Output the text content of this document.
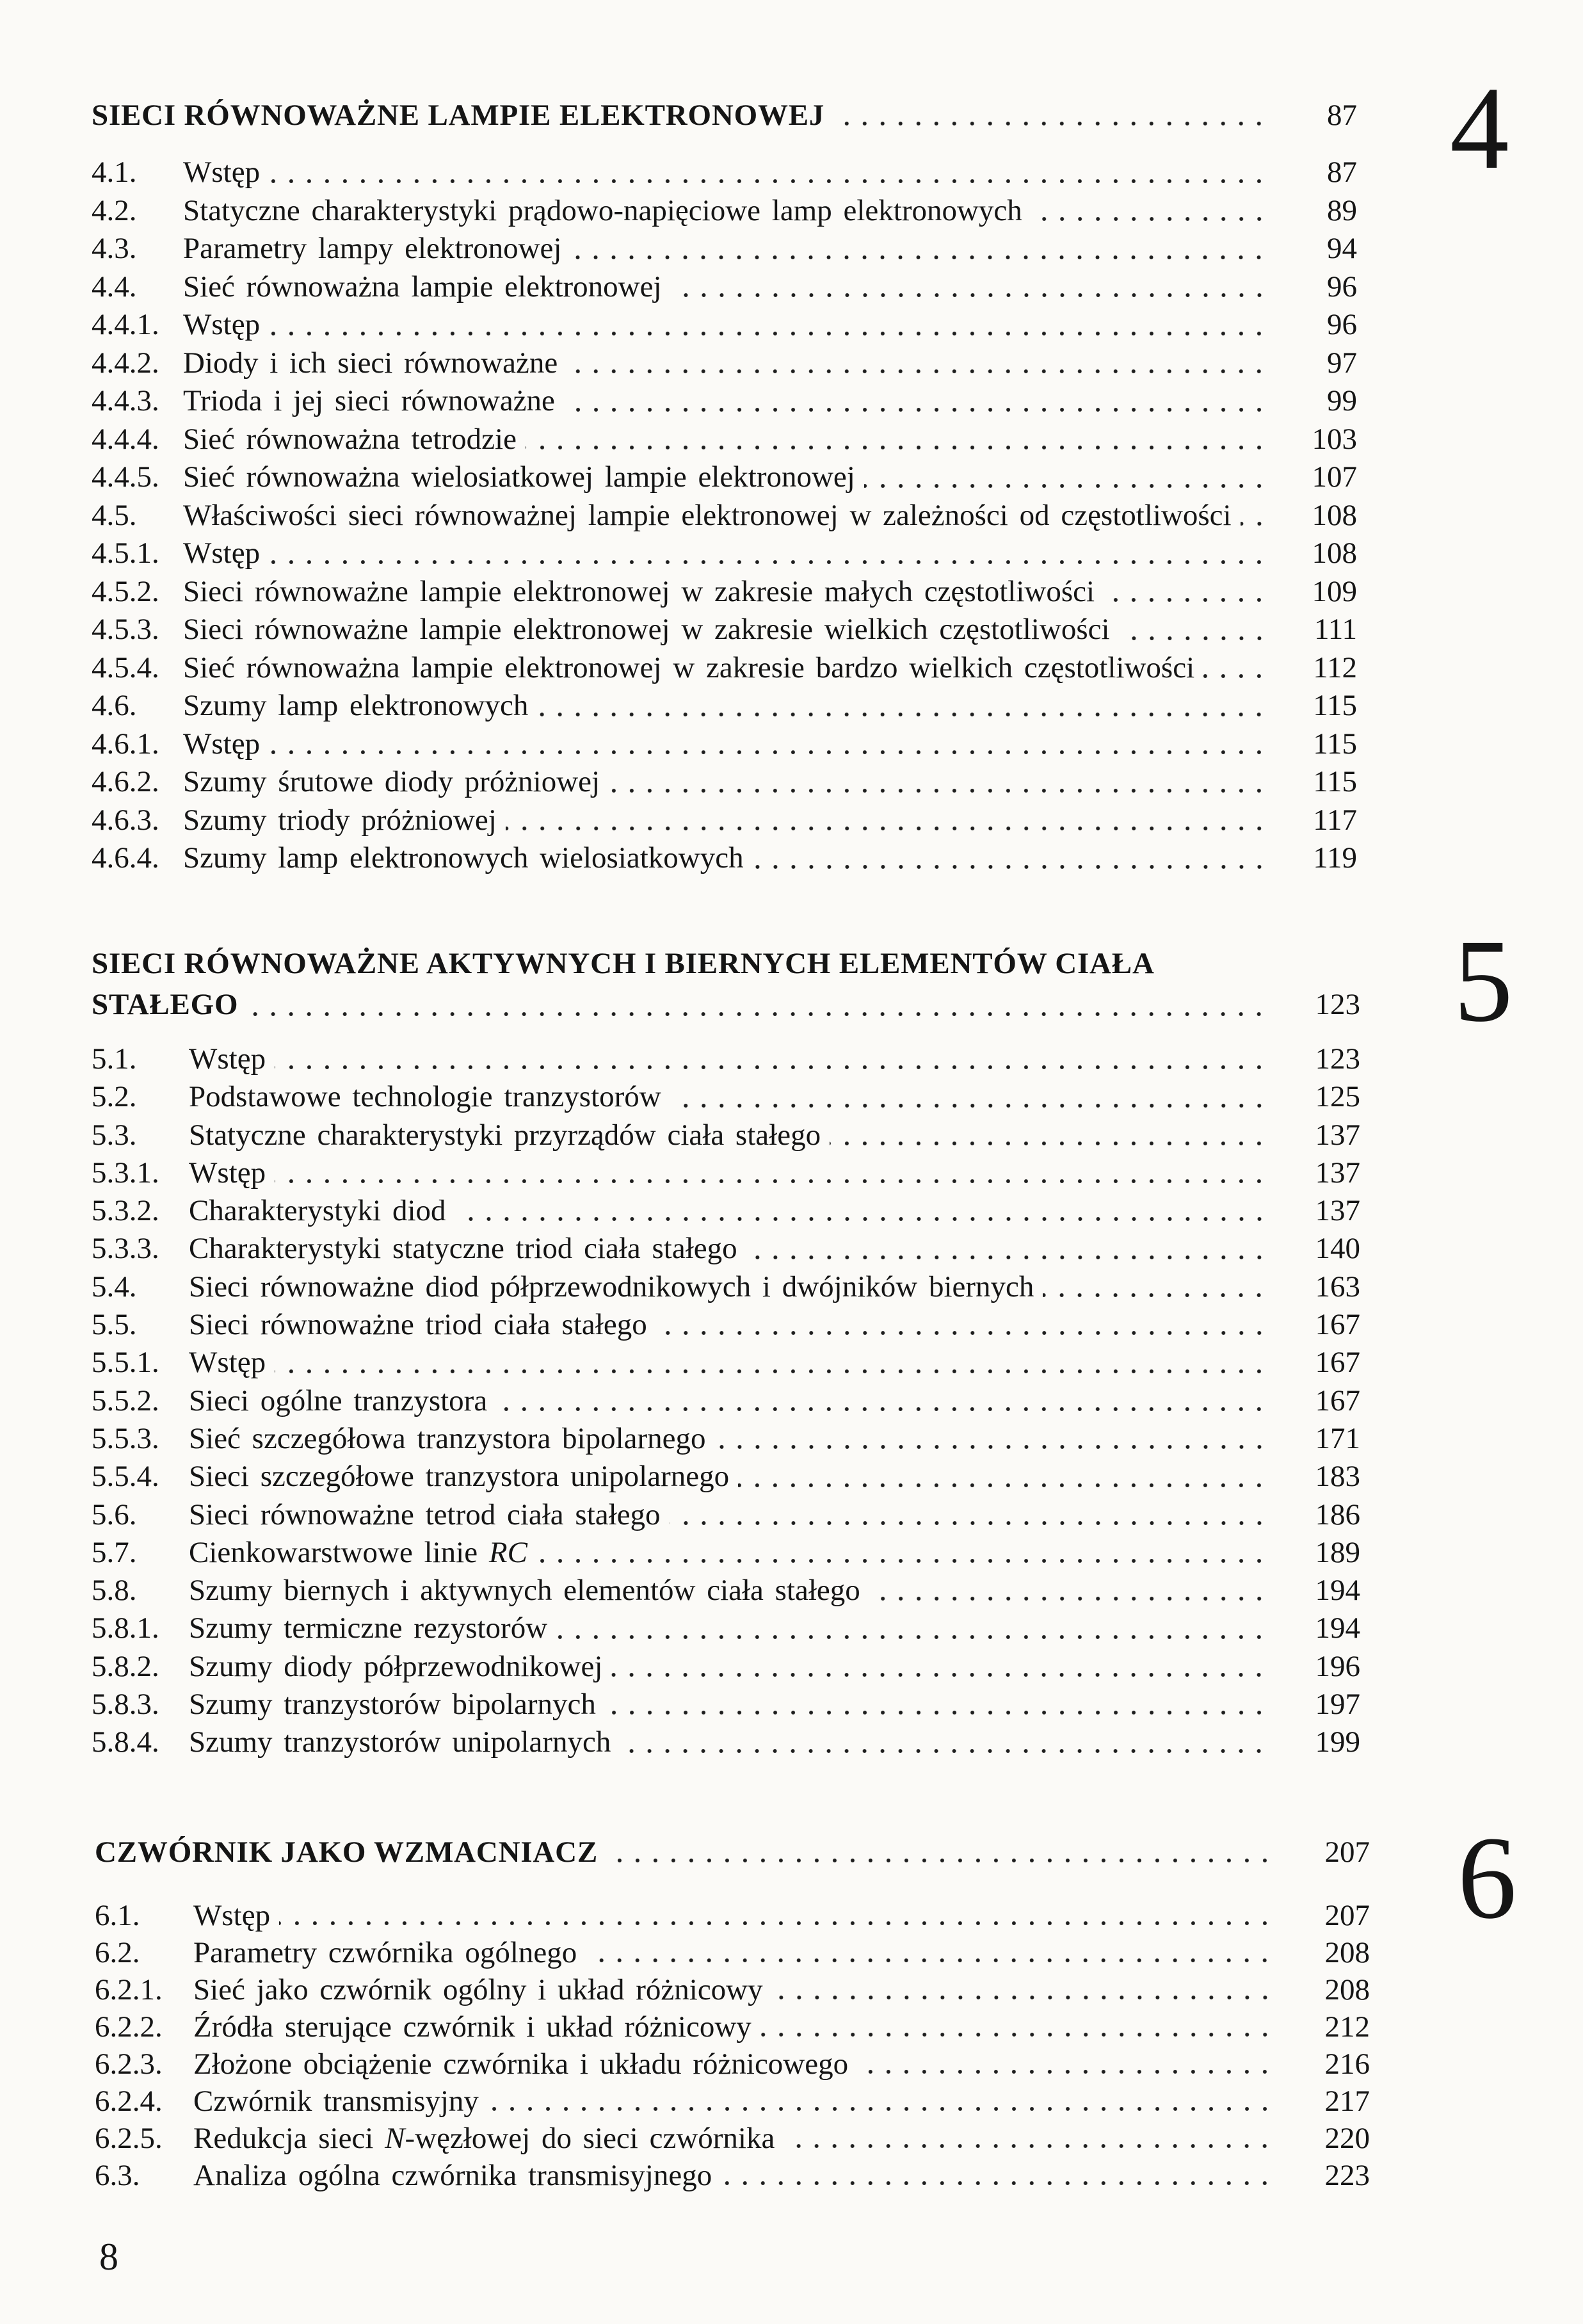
SIECI RÓWNOWAŻNE LAMPIE ELEKTRONOWEJ	87
4.1.	Wstęp	87
4.2.	Statyczne charakterystyki prądowo-napięciowe lamp elektronowych	89
4.3.	Parametry lampy elektronowej	94
4.4.	Sieć równoważna lampie elektronowej	96
4.4.1. Wstęp	96
4.4.2. Diody i ich sieci równoważne	97
4.4.3. Trioda i jej sieci równoważne	99
4.4.4. Sieć równoważna tetrodzie	103
4.4.5. Sieć równoważna wielosiatkowej lampie elektronowej	107
4.5.	Właściwości sieci równoważnej lampie elektronowej w zależności od częstotliwości	108
4.5.1. Wstęp	108
4.5.2. Sieci równoważne lampie elektronowej w zakresie małych częstotliwości	109
4.5.3. Sieci równoważne lampie elektronowej w zakresie wielkich częstotliwości	111
4.5.4. Sieć równoważna lampie elektronowej w zakresie bardzo wielkich częstotliwości	112
4.6.	Szumy lamp elektronowych	115
4.6.1. Wstęp	115
4.6.2. Szumy śrutowe diody próżniowej	115
4.6.3. Szumy triody próżniowej	117
4.6.4. Szumy lamp elektronowych wielosiatkowych	119
4
SIECI RÓWNOWAŻNE AKTYWNYCH I BIERNYCH ELEMENTÓW CIAŁA
STAŁEGO	123
5.1.	Wstęp	123
5.2.	Podstawowe technologie tranzystorów	125
5.3.	Statyczne charakterystyki przyrządów ciała stałego	137
5.3.1. Wstęp	137
5.3.2. Charakterystyki diod	137
5.3.3. Charakterystyki statyczne triod ciała stałego	140
5.4.	Sieci równoważne diod półprzewodnikowych i dwójników biernych	163
5.5.	Sieci równoważne triod ciała stałego	167
5.5.1. Wstęp	167
5.5.2. Sieci ogólne tranzystora	167
5.5.3. Sieć szczegółowa tranzystora bipolarnego	171
5.5.4. Sieci szczegółowe tranzystora unipolarnego	183
5.6.	Sieci równoważne tetrod ciała stałego	186
5.7.	Cienkowarstwowe linie RC	189
5.8.	Szumy biernych i aktywnych elementów ciała stałego	194
5.8.1. Szumy termiczne rezystorów	194
5.8.2. Szumy diody półprzewodnikowej	196
5.8.3. Szumy tranzystorów bipolarnych	197
5.8.4. Szumy tranzystorów unipolarnych	199
5
CZWÓRNIK JAKO WZMACNIACZ	207
6.1.	Wstęp	207
6.2.	Parametry czwórnika ogólnego	208
6.2.1.	Sieć jako czwórnik ogólny i układ różnicowy	208
6.2.2.	Źródła sterujące czwórnik i układ różnicowy	212
6.2.3.	Złożone obciążenie czwórnika i układu różnicowego	216
6.2.4.	Czwórnik transmisyjny	217
6.2.5.	Redukcja sieci N-węzłowej do sieci czwórnika	220
6.3.	Analiza ogólna czwórnika transmisyjnego	223
6
8
